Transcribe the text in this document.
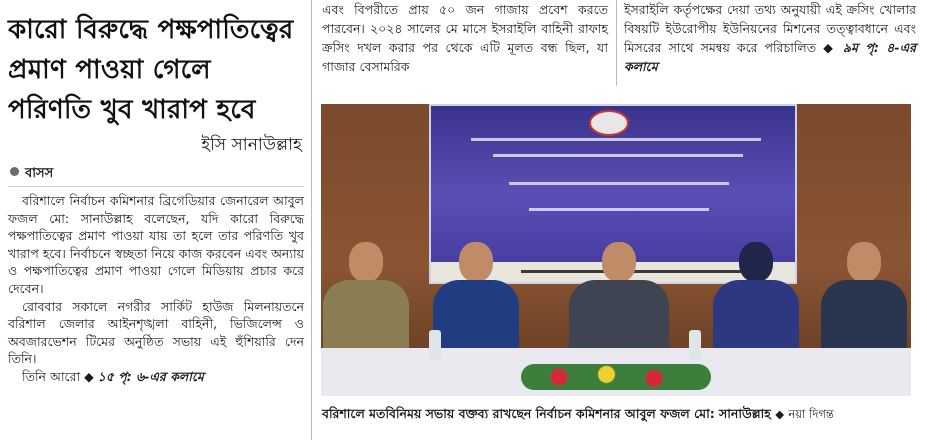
কারো বিরুদ্ধে পক্ষপাতিত্বের প্রমাণ পাওয়া গেলে পরিণতি খুব খারাপ হবে
ইসি সানাউল্লাহ
বাসস

বরিশালে নির্বাচন কমিশনার ব্রিগেডিয়ার জেনারেল আবুল ফজল মো: সানাউল্লাহ বলেছেন, যদি কারো বিরুদ্ধে পক্ষপাতিত্বের প্রমাণ পাওয়া যায় তা হলে তার পরিণতি খুব খারাপ হবে। নির্বাচনে স্বচ্ছতা নিয়ে কাজ করবেন এবং অন্যায় ও পক্ষপাতিত্বের প্রমাণ পাওয়া গেলে মিডিয়ায় প্রচার করে দেবেন।

রোববার সকালে নগরীর সার্কিট হাউজ মিলনায়তনে বরিশাল জেলার আইনশৃঙ্খলা বাহিনী, ভিজিলেন্স ও অবজারভেশন টিমের অনুষ্ঠিত সভায় এই হুঁশিয়ারি দেন তিনি।

তিনি আরো ◆ ১৫ পৃ: ৬-এর কলামে

এবং বিপরীতে প্রায় ৫০ জন গাজায় প্রবেশ করতে পারবেন। ২০২৪ সালের মে মাসে ইসরাইলি বাহিনী রাফাহ ক্রসিং দখল করার পর থেকে এটি মূলত বন্ধ ছিল, যা গাজার বেসামরিক
ইসরাইলি কর্তৃপক্ষের দেয়া তথ্য অনুযায়ী এই ক্রসিং খোলার বিষয়টি ইউরোপীয় ইউনিয়নের মিশনের তত্ত্বাবধানে এবং মিসরের সাথে সমন্বয় করে পরিচালিত ◆ ৯ম পৃ: ৪-এর কলামে
বরিশালে মতবিনিময় সভায় বক্তব্য রাখছেন নির্বাচন কমিশনার আবুল ফজল মো: সানাউল্লাহ ◆ নয়া দিগন্ত
